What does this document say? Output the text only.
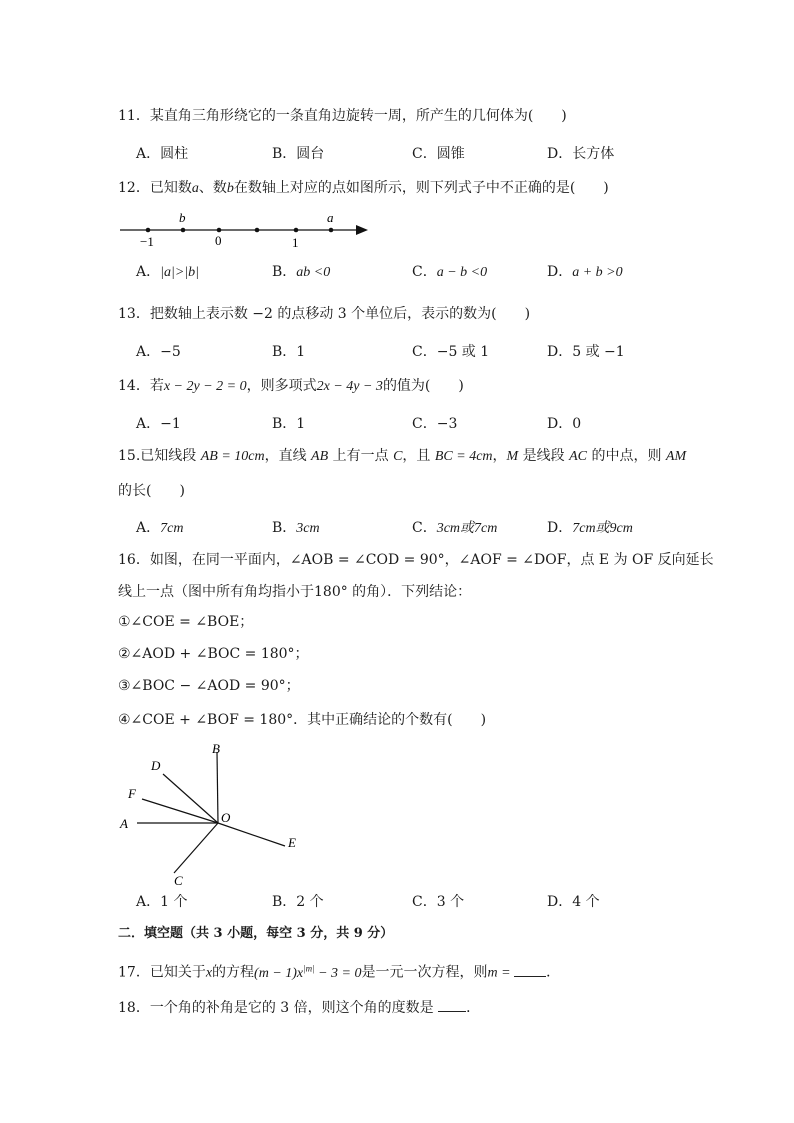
11．某直角三角形绕它的一条直角边旋转一周，所产生的几何体为(　　)
A．圆柱	B．圆台	C．圆锥	D．长方体
12．已知数a、数b在数轴上对应的点如图所示，则下列式子中不正确的是(　　)
b	a
−1	0	1
A．|a|>|b|	B．ab <0	C．a − b <0	D．a + b >0
13．把数轴上表示数 −2 的点移动 3 个单位后，表示的数为(　　)
A．−5	B．1	C．−5 或 1	D．5 或 −1
14．若x − 2y − 2 = 0，则多项式2x − 4y − 3的值为(　　)
A．−1	B．1	C．−3	D．0
15.已知线段 AB = 10cm，直线 AB 上有一点 C，且 BC = 4cm，M 是线段 AC 的中点，则 AM
的长(　　)
A．7cm	B．3cm	C．3cm或7cm	D．7cm或9cm
16．如图，在同一平面内，∠AOB = ∠COD = 90°，∠AOF = ∠DOF，点 E 为 OF 反向延长
线上一点（图中所有角均指小于180° 的角）．下列结论：
①∠COE = ∠BOE；
②∠AOD + ∠BOC = 180°；
③∠BOC − ∠AOD = 90°；
④∠COE + ∠BOF = 180°．其中正确结论的个数有(　　)
B
D
F
A	O
E
C
A．1 个	B．2 个	C．3 个	D．4 个
二．填空题（共 3 小题，每空 3 分，共 9 分）
17．已知关于x的方程$(m - 1)x^{|m|} - 3 = 0$是一元一次方程，则m = ．
18．一个角的补角是它的 3 倍，则这个角的度数是 ．
